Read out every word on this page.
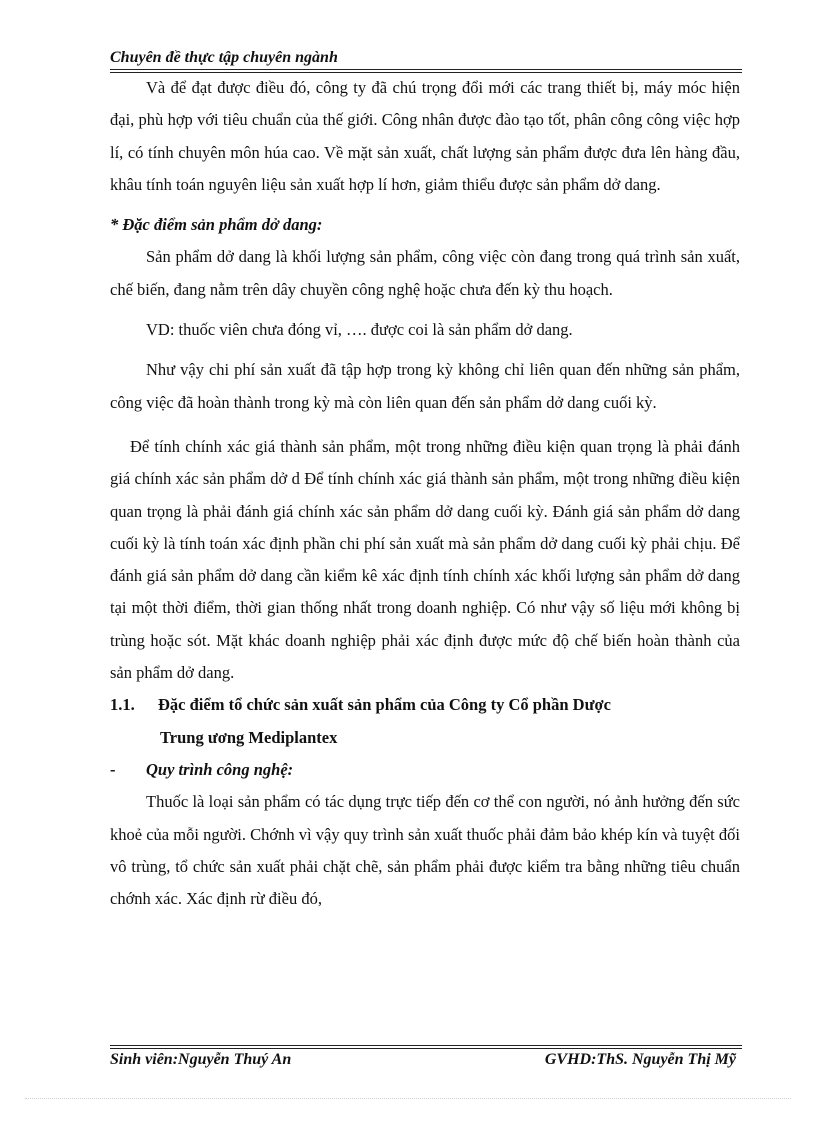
Chuyên đề thực tập chuyên ngành

Và để đạt được điều đó, công ty đã chú trọng đổi mới các trang thiết bị, máy móc hiện đại, phù hợp với tiêu chuẩn của thế giới. Công nhân được đào tạo tốt, phân công công việc hợp lí, có tính chuyên môn húa cao. Về mặt sản xuất, chất lượng sản phẩm được đưa lên hàng đầu, khâu tính toán nguyên liệu sản xuất hợp lí hơn, giảm thiểu được sản phẩm dở dang.

* Đặc điểm sản phẩm dở dang:

Sản phẩm dở dang là khối lượng sản phẩm, công việc còn đang trong quá trình sản xuất, chế biến, đang nằm trên dây chuyền công nghệ hoặc chưa đến kỳ thu hoạch.

VD: thuốc viên chưa đóng vỉ, …. được coi là sản phẩm dở dang.

Như vậy chi phí sản xuất đã tập hợp trong kỳ không chỉ liên quan đến những sản phẩm, công việc đã hoàn thành trong kỳ mà còn liên quan đến sản phẩm dở dang cuối kỳ.

Để tính chính xác giá thành sản phẩm, một trong những điều kiện quan trọng là phải đánh giá chính xác sản phẩm dở d Để tính chính xác giá thành sản phẩm, một trong những điều kiện quan trọng là phải đánh giá chính xác sản phẩm dở dang cuối kỳ. Đánh giá sản phẩm dở dang cuối kỳ là tính toán xác định phần chi phí sản xuất mà sản phẩm dở dang cuối kỳ phải chịu. Để đánh giá sản phẩm dở dang cần kiểm kê xác định tính chính xác khối lượng sản phẩm dở dang tại một thời điểm, thời gian thống nhất trong doanh nghiệp. Có như vậy số liệu mới không bị trùng hoặc sót. Mặt khác doanh nghiệp phải xác định được mức độ chế biến hoàn thành của sản phẩm dở dang.

1.1. Đặc điểm tổ chức sản xuất sản phẩm của Công ty Cổ phần Dược

Trung ương Mediplantex

- Quy trình công nghệ:

Thuốc là loại sản phẩm có tác dụng trực tiếp đến cơ thể con người, nó ảnh hưởng đến sức khoẻ của mỗi người. Chớnh vì vậy quy trình sản xuất thuốc phải đảm bảo khép kín và tuyệt đối vô trùng, tổ chức sản xuất phải chặt chẽ, sản phẩm phải được kiểm tra bằng những tiêu chuẩn chớnh xác. Xác định rừ điều đó,

Sinh viên:Nguyễn Thuý An	GVHD:ThS. Nguyễn Thị Mỹ
